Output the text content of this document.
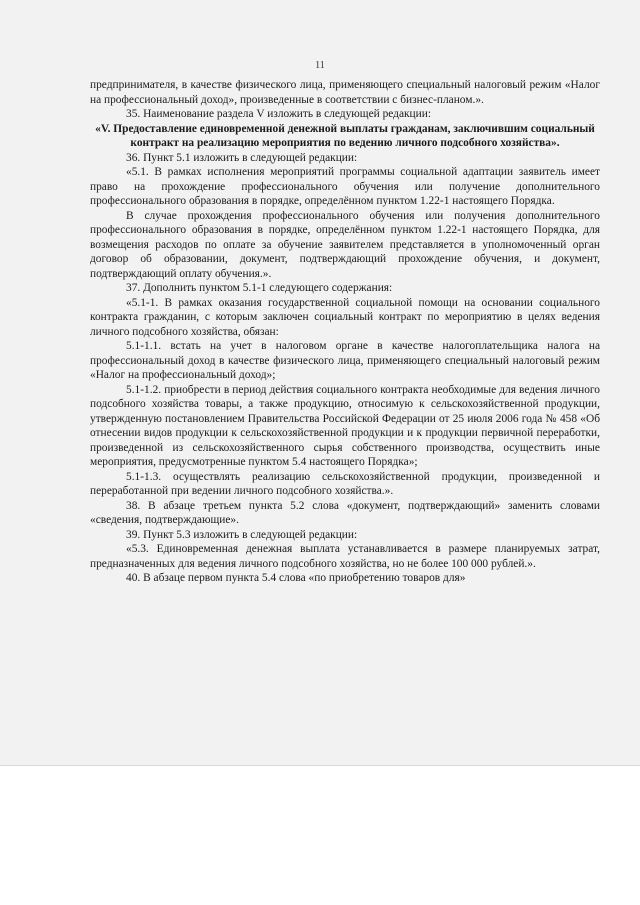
11

предпринимателя, в качестве физического лица, применяющего специальный налоговый режим «Налог на профессиональный доход», произведенные в соответствии с бизнес-планом.».

35. Наименование раздела V изложить в следующей редакции:

«V. Предоставление единовременной денежной выплаты гражданам, заключившим социальный контракт на реализацию мероприятия по ведению личного подсобного хозяйства».

36. Пункт 5.1 изложить в следующей редакции:

«5.1. В рамках исполнения мероприятий программы социальной адаптации заявитель имеет право на прохождение профессионального обучения или получение дополнительного профессионального образования в порядке, определённом пунктом 1.22-1 настоящего Порядка.

В случае прохождения профессионального обучения или получения дополнительного профессионального образования в порядке, определённом пунктом 1.22-1 настоящего Порядка, для возмещения расходов по оплате за обучение заявителем представляется в уполномоченный орган договор об образовании, документ, подтверждающий прохождение обучения, и документ, подтверждающий оплату обучения.».

37. Дополнить пунктом 5.1-1 следующего содержания:

«5.1-1. В рамках оказания государственной социальной помощи на основании социального контракта гражданин, с которым заключен социальный контракт по мероприятию в целях ведения личного подсобного хозяйства, обязан:

5.1-1.1. встать на учет в налоговом органе в качестве налогоплательщика налога на профессиональный доход в качестве физического лица, применяющего специальный налоговый режим «Налог на профессиональный доход»;

5.1-1.2. приобрести в период действия социального контракта необходимые для ведения личного подсобного хозяйства товары, а также продукцию, относимую к сельскохозяйственной продукции, утвержденную постановлением Правительства Российской Федерации от 25 июля 2006 года № 458 «Об отнесении видов продукции к сельскохозяйственной продукции и к продукции первичной переработки, произведенной из сельскохозяйственного сырья собственного производства, осуществить иные мероприятия, предусмотренные пунктом 5.4 настоящего Порядка»;

5.1-1.3. осуществлять реализацию сельскохозяйственной продукции, произведенной и переработанной при ведении личного подсобного хозяйства.».

38. В абзаце третьем пункта 5.2 слова «документ, подтверждающий» заменить словами «сведения, подтверждающие».

39. Пункт 5.3 изложить в следующей редакции:

«5.3. Единовременная денежная выплата устанавливается в размере планируемых затрат, предназначенных для ведения личного подсобного хозяйства, но не более 100 000 рублей.».

40. В абзаце первом пункта 5.4 слова «по приобретению товаров для»
